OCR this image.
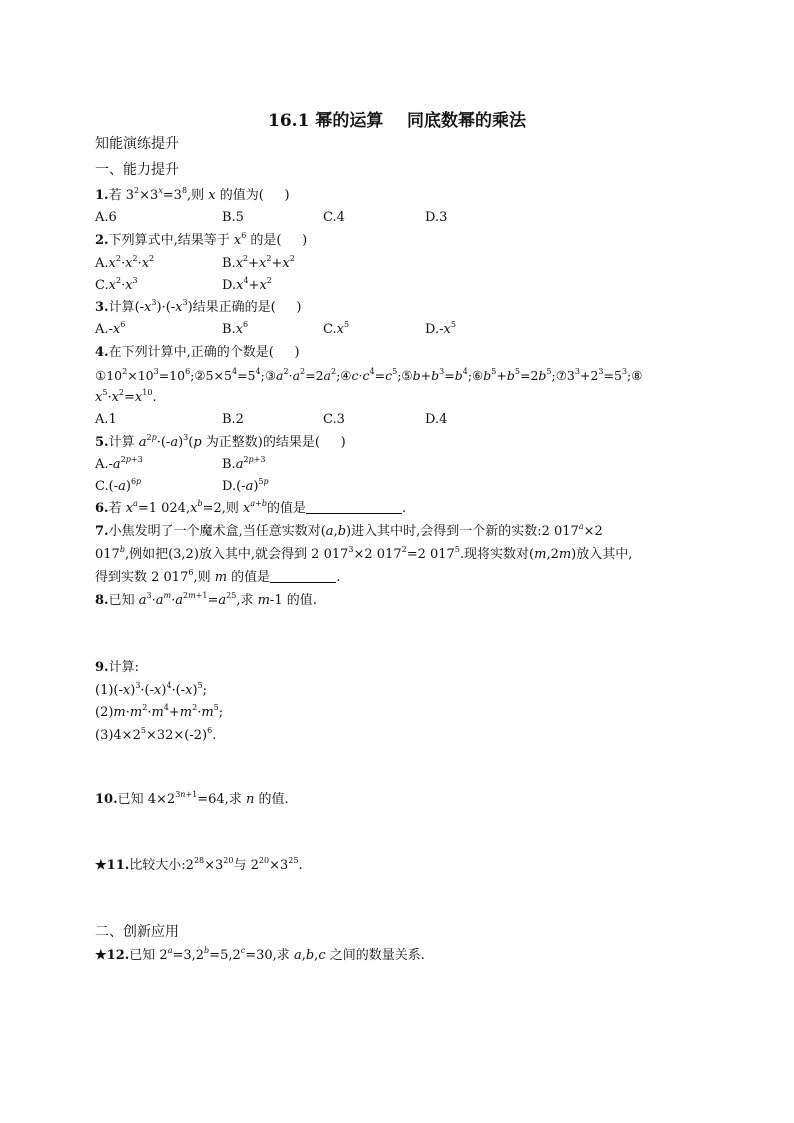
16.1 幂的运算    同底数幂的乘法
知能演练提升
一、能力提升
1.若 $3^2\times 3^x=3^8$,则 x 的值为(     )
A.6	B.5	C.4	D.3
2.下列算式中,结果等于 $x^6$ 的是(     )
$A.x^2\cdot x^2\cdot x^2$	$B.x^2+x^2+x^2$
$C.x^2\cdot x^3$	$D.x^4+x^2$
3.计算$(-x^3)\cdot(-x^3)$结果正确的是(     )
$A.-x^6$	$B.x^6$	$C.x^5$	$D.-x^5$
4.在下列计算中,正确的个数是(     )
$①10^2\times 10^3=10^6;②5\times 5^4=5^4;③a^2\cdot a^2=2a^2;④c\cdot c^4=c^5;⑤b+b^3=b^4;⑥b^5+b^5=2b^5;⑦3^3+2^3=5^3;⑧$
$x^5\cdot x^2=x^{10}$.
A.1	B.2	C.3	D.4
5.计算 $a^{2p}\cdot(-a)^3(p$ 为正整数)的结果是(     )
$A.-a^{2p+3}$	$B.a^{2p+3}$
$C.(-a)^{6p}$	$D.(-a)^{5p}$
6.若 $x^a=1$ $024,x^b=2$,则 $x^{a+b}$的值是	.
7.小焦发明了一个魔术盒,当任意实数对(a,b)进入其中时,会得到一个新的实数:2 $017^a\times 2$
017$^b$,例如把(3,2)放入其中,就会得到 2 $017^3\times 2$ $017^2=2$ $017^5$.现将实数对(m,2m)放入其中,
得到实数 2 $017^6$,则 m 的值是	.
8.已知 $a^3\cdot a^m\cdot a^{2m+1}=a^{25}$,求 m-1 的值.
9.计算:
$(1)(-x)^3\cdot(-x)^4\cdot(-x)^5$;
$(2)m\cdot m^2\cdot m^4+m^2\cdot m^5$;
$(3)4\times 2^5\times 32\times(-2)^6$.
10.已知 $4\times 2^{3n+1}=64$,求 n 的值.
★11.比较大小$:2^{28}\times 3^{20}$与 $2^{20}\times 3^{25}$.
二、创新应用
★12.已知 $2^a=3,2^b=5,2^c=30$,求 a,b,c 之间的数量关系.
